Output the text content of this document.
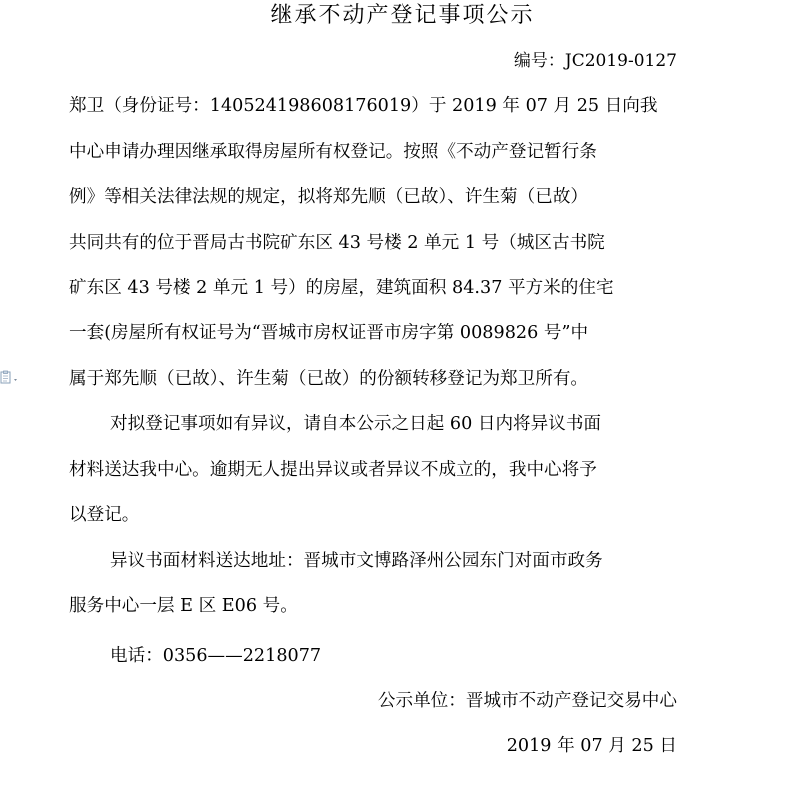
继承不动产登记事项公示
编号：JC2019-0127
郑卫（身份证号：140524198608176019）于 2019 年 07 月 25 日向我
中心申请办理因继承取得房屋所有权登记。按照《不动产登记暂行条
例》等相关法律法规的规定，拟将郑先顺（已故）、许生菊（已故）
共同共有的位于晋局古书院矿东区 43 号楼 2 单元 1 号（城区古书院
矿东区 43 号楼 2 单元 1 号）的房屋，建筑面积 84.37 平方米的住宅
一套(房屋所有权证号为“晋城市房权证晋市房字第 0089826 号”中
属于郑先顺（已故）、许生菊（已故）的份额转移登记为郑卫所有。
对拟登记事项如有异议，请自本公示之日起 60 日内将异议书面
材料送达我中心。逾期无人提出异议或者异议不成立的，我中心将予
以登记。
异议书面材料送达地址：晋城市文博路泽州公园东门对面市政务
服务中心一层 E 区 E06 号。
电话：0356——2218077
公示单位：晋城市不动产登记交易中心
2019 年 07 月 25 日
